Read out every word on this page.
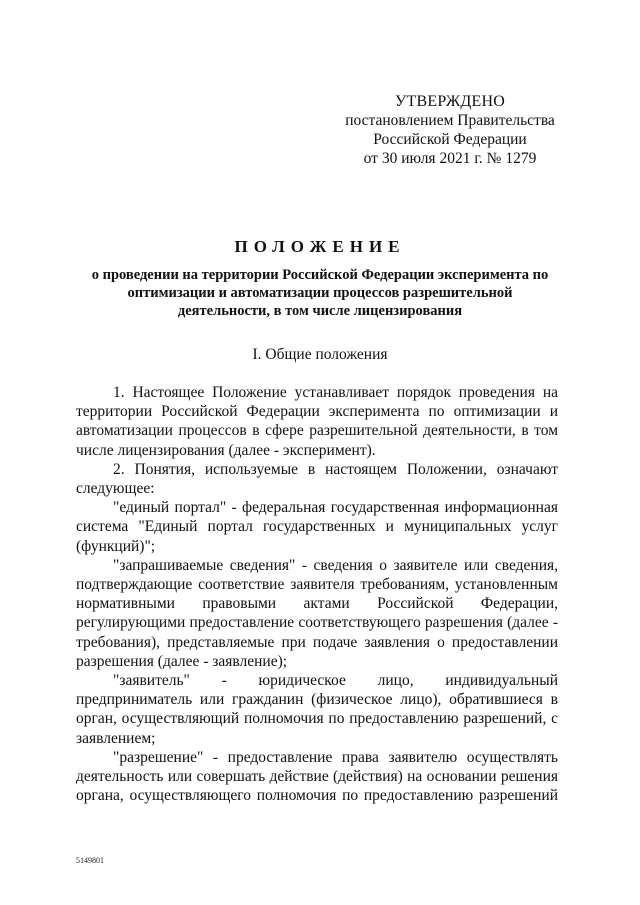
УТВЕРЖДЕНО
постановлением Правительства
Российской Федерации
от 30 июля 2021 г. № 1279
ПОЛОЖЕНИЕ
о проведении на территории Российской Федерации эксперимента по оптимизации и автоматизации процессов разрешительной деятельности, в том числе лицензирования
I. Общие положения

1. Настоящее Положение устанавливает порядок проведения на территории Российской Федерации эксперимента по оптимизации и автоматизации процессов в сфере разрешительной деятельности, в том числе лицензирования (далее - эксперимент).

2. Понятия, используемые в настоящем Положении, означают следующее:

"единый портал" - федеральная государственная информационная система "Единый портал государственных и муниципальных услуг (функций)";

"запрашиваемые сведения" - сведения о заявителе или сведения, подтверждающие соответствие заявителя требованиям, установленным нормативными правовыми актами Российской Федерации, регулирующими предоставление соответствующего разрешения (далее - требования), представляемые при подаче заявления о предоставлении разрешения (далее - заявление);

"заявитель" - юридическое лицо, индивидуальный предприниматель или гражданин (физическое лицо), обратившиеся в орган, осуществляющий полномочия по предоставлению разрешений, с заявлением;

"разрешение" - предоставление права заявителю осуществлять деятельность или совершать действие (действия) на основании решения органа, осуществляющего полномочия по предоставлению разрешений

5149801
